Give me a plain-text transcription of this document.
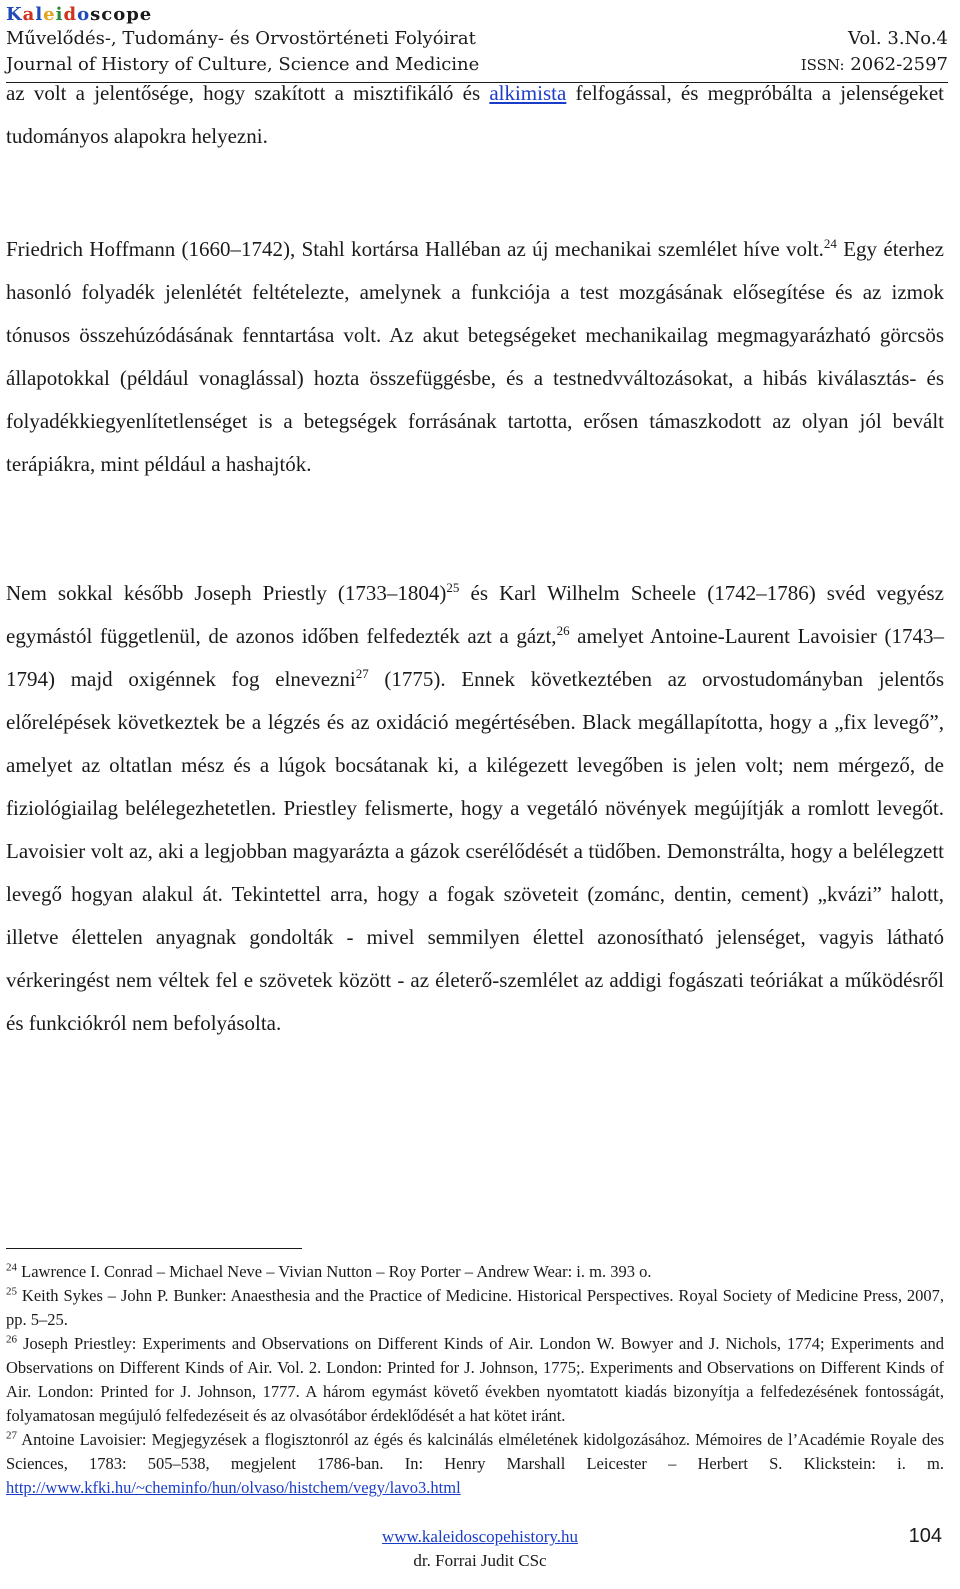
Kaleidoscope
Művelődés-, Tudomány- és Orvostörténeti Folyóirat	Vol. 3.No.4
Journal of History of Culture, Science and Medicine	ISSN: 2062-2597

az volt a jelentősége, hogy szakított a misztifikáló és alkimista felfogással, és megpróbálta a jelenségeket tudományos alapokra helyezni.

Friedrich Hoffmann (1660–1742), Stahl kortársa Halléban az új mechanikai szemlélet híve volt.$^{24}$ Egy éterhez hasonló folyadék jelenlétét feltételezte, amelynek a funkciója a test mozgásának elősegítése és az izmok tónusos összehúzódásának fenntartása volt. Az akut betegségeket mechanikailag megmagyarázható görcsös állapotokkal (például vonaglással) hozta összefüggésbe, és a testnedvváltozásokat, a hibás kiválasztás- és folyadékkiegyenlítetlenséget is a betegségek forrásának tartotta, erősen támaszkodott az olyan jól bevált terápiákra, mint például a hashajtók.

Nem sokkal később Joseph Priestly (1733–1804)$^{25}$ és Karl Wilhelm Scheele (1742–1786) svéd vegyész egymástól függetlenül, de azonos időben felfedezték azt a gázt,$^{26}$ amelyet Antoine-Laurent Lavoisier (1743–1794) majd oxigénnek fog elnevezni$^{27}$ (1775). Ennek következtében az orvostudományban jelentős előrelépések következtek be a légzés és az oxidáció megértésében. Black megállapította, hogy a „fix levegő”, amelyet az oltatlan mész és a lúgok bocsátanak ki, a kilégezett levegőben is jelen volt; nem mérgező, de fiziológiailag belélegezhetetlen. Priestley felismerte, hogy a vegetáló növények megújítják a romlott levegőt. Lavoisier volt az, aki a legjobban magyarázta a gázok cserélődését a tüdőben. Demonstrálta, hogy a belélegzett levegő hogyan alakul át. Tekintettel arra, hogy a fogak szöveteit (zománc, dentin, cement) „kvázi” halott, illetve élettelen anyagnak gondolták - mivel semmilyen élettel azonosítható jelenséget, vagyis látható vérkeringést nem véltek fel e szövetek között - az életerő-szemlélet az addigi fogászati teóriákat a működésről és funkciókról nem befolyásolta.

$^{24}$ Lawrence I. Conrad – Michael Neve – Vivian Nutton – Roy Porter – Andrew Wear: i. m. 393 o.

$^{25}$ Keith Sykes – John P. Bunker: Anaesthesia and the Practice of Medicine. Historical Perspectives. Royal Society of Medicine Press, 2007, pp. 5–25.

$^{26}$ Joseph Priestley: Experiments and Observations on Different Kinds of Air. London W. Bowyer and J. Nichols, 1774; Experiments and Observations on Different Kinds of Air. Vol. 2. London: Printed for J. Johnson, 1775;. Experiments and Observations on Different Kinds of Air. London: Printed for J. Johnson, 1777. A három egymást követő években nyomtatott kiadás bizonyítja a felfedezésének fontosságát, folyamatosan megújuló felfedezéseit és az olvasótábor érdeklődését a hat kötet iránt.

$^{27}$ Antoine Lavoisier: Megjegyzések a flogisztonról az égés és kalcinálás elméletének kidolgozásához. Mémoires de l’Académie Royale des Sciences, 1783: 505–538, megjelent 1786-ban. In: Henry Marshall Leicester – Herbert S. Klickstein: i. m. http://www.kfki.hu/~cheminfo/hun/olvaso/histchem/vegy/lavo3.html

www.kaleidoscopehistory.hu
dr. Forrai Judit CSc
104
